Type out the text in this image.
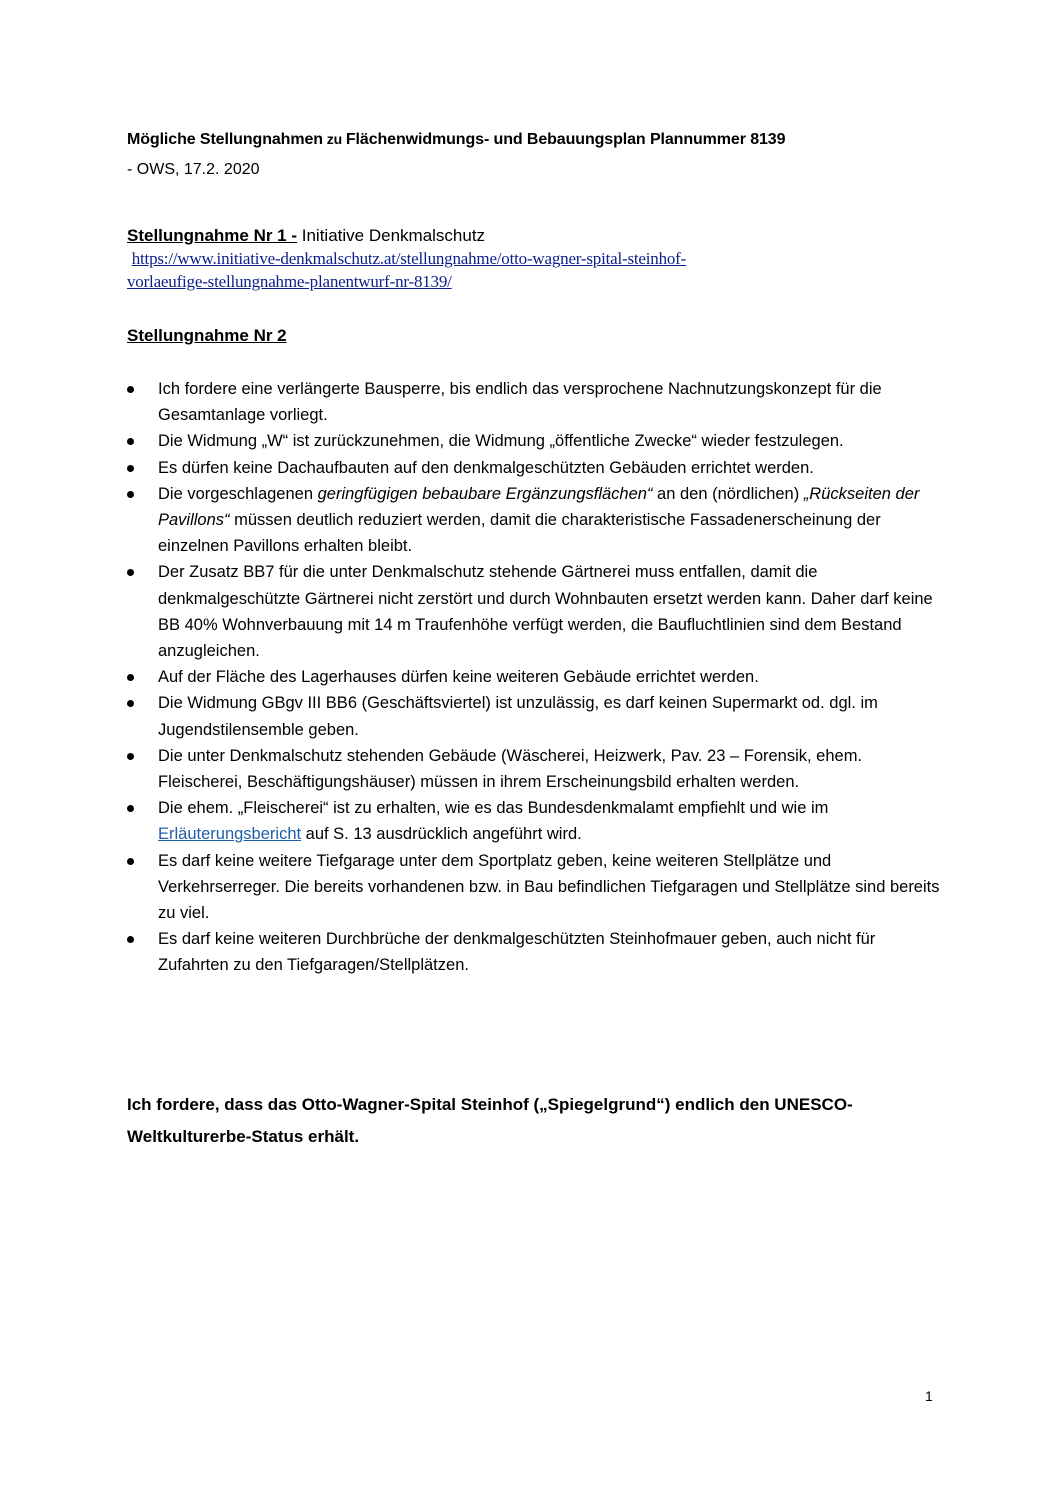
Mögliche Stellungnahmen zu Flächenwidmungs- und Bebauungsplan Plannummer 8139
- OWS, 17.2. 2020
Stellungnahme Nr 1 - Initiative Denkmalschutz
https://www.initiative-denkmalschutz.at/stellungnahme/otto-wagner-spital-steinhof-
vorlaeufige-stellungnahme-planentwurf-nr-8139/
Stellungnahme Nr 2
Ich fordere eine verlängerte Bausperre, bis endlich das versprochene Nachnutzungskonzept für die Gesamtanlage vorliegt.
Die Widmung „W“ ist zurückzunehmen, die Widmung „öffentliche Zwecke“ wieder festzulegen.
Es dürfen keine Dachaufbauten auf den denkmalgeschützten Gebäuden errichtet werden.
Die vorgeschlagenen geringfügigen bebaubare Ergänzungsflächen“ an den (nördlichen) „Rückseiten der Pavillons“ müssen deutlich reduziert werden, damit die charakteristische Fassadenerscheinung der einzelnen Pavillons erhalten bleibt.
Der Zusatz BB7 für die unter Denkmalschutz stehende Gärtnerei muss entfallen, damit die denkmalgeschützte Gärtnerei nicht zerstört und durch Wohnbauten ersetzt werden kann. Daher darf keine BB 40% Wohnverbauung mit 14 m Traufenhöhe verfügt werden, die Baufluchtlinien sind dem Bestand anzugleichen.
Auf der Fläche des Lagerhauses dürfen keine weiteren Gebäude errichtet werden.
Die Widmung GBgv III BB6 (Geschäftsviertel) ist unzulässig, es darf keinen Supermarkt od. dgl. im Jugendstilensemble geben.
Die unter Denkmalschutz stehenden Gebäude (Wäscherei, Heizwerk, Pav. 23 – Forensik, ehem. Fleischerei, Beschäftigungshäuser) müssen in ihrem Erscheinungsbild erhalten werden.
Die ehem. „Fleischerei“ ist zu erhalten, wie es das Bundesdenkmalamt empfiehlt und wie im Erläuterungsbericht auf S. 13 ausdrücklich angeführt wird.
Es darf keine weitere Tiefgarage unter dem Sportplatz geben, keine weiteren Stellplätze und Verkehrserreger. Die bereits vorhandenen bzw. in Bau befindlichen Tiefgaragen und Stellplätze sind bereits zu viel.
Es darf keine weiteren Durchbrüche der denkmalgeschützten Steinhofmauer geben, auch nicht für Zufahrten zu den Tiefgaragen/Stellplätzen.
Ich fordere, dass das Otto-Wagner-Spital Steinhof („Spiegelgrund“) endlich den UNESCO-Weltkulturerbe-Status erhält.
1
